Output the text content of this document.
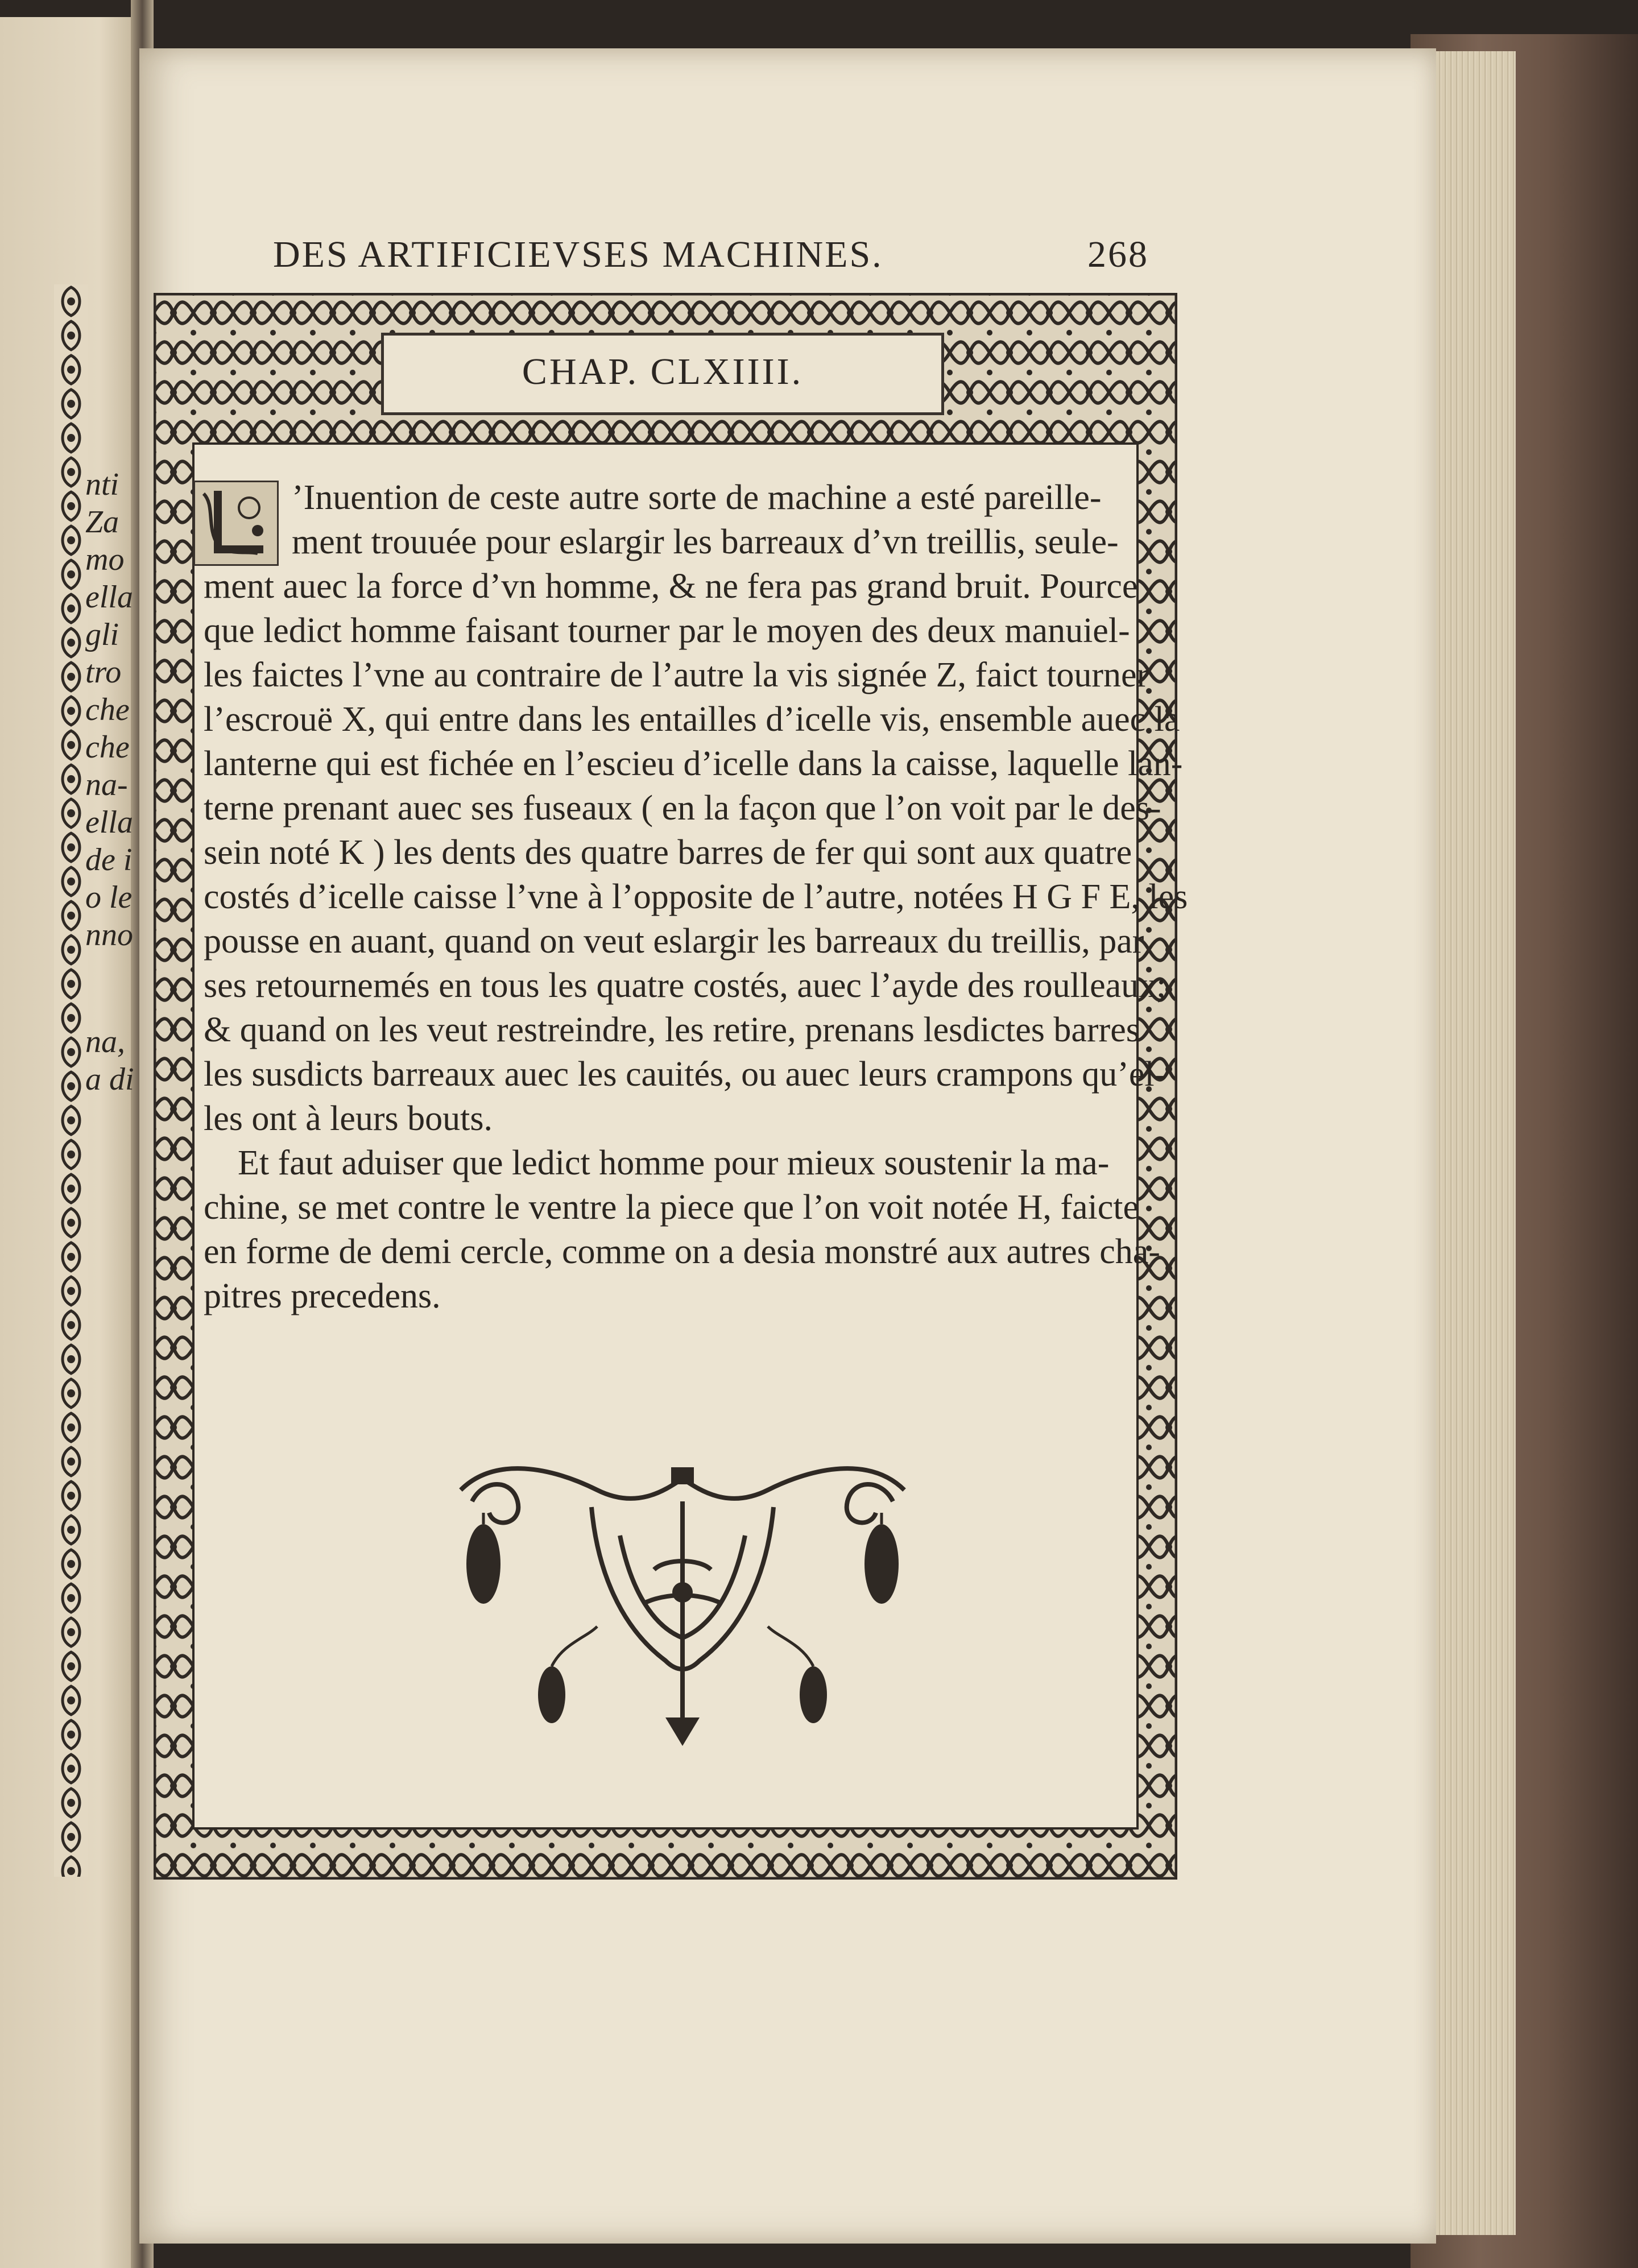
nti
Za
mo
ella
gli
tro
che
che
na-
ella
de i
o le
nno
na,
a di
DES ARTIFICIEVSES MACHINES.	268
CHAP. CLXIIII.
’Inuention de ceste autre sorte de machine a esté pareille-
ment trouuée pour eslargir les barreaux d’vn treillis, seule-
ment auec la force d’vn homme, & ne fera pas grand bruit. Pource
que ledict homme faisant tourner par le moyen des deux manuiel-
les faictes l’vne au contraire de l’autre la vis signée Z, faict tourner
l’escrouë X, qui entre dans les entailles d’icelle vis, ensemble auec la
lanterne qui est fichée en l’escieu d’icelle dans la caisse, laquelle lan-
terne prenant auec ses fuseaux ( en la façon que l’on voit par le des-
sein noté K ) les dents des quatre barres de fer qui sont aux quatre
costés d’icelle caisse l’vne à l’opposite de l’autre, notées H G F E, les
pousse en auant, quand on veut eslargir les barreaux du treillis, par
ses retournemés en tous les quatre costés, auec l’ayde des roulleaux;
& quand on les veut restreindre, les retire, prenans lesdictes barres
les susdicts barreaux auec les cauités, ou auec leurs crampons qu’el-
les ont à leurs bouts.
Et faut aduiser que ledict homme pour mieux soustenir la ma-
chine, se met contre le ventre la piece que l’on voit notée H, faicte
en forme de demi cercle, comme on a desia monstré aux autres cha-
pitres precedens.
